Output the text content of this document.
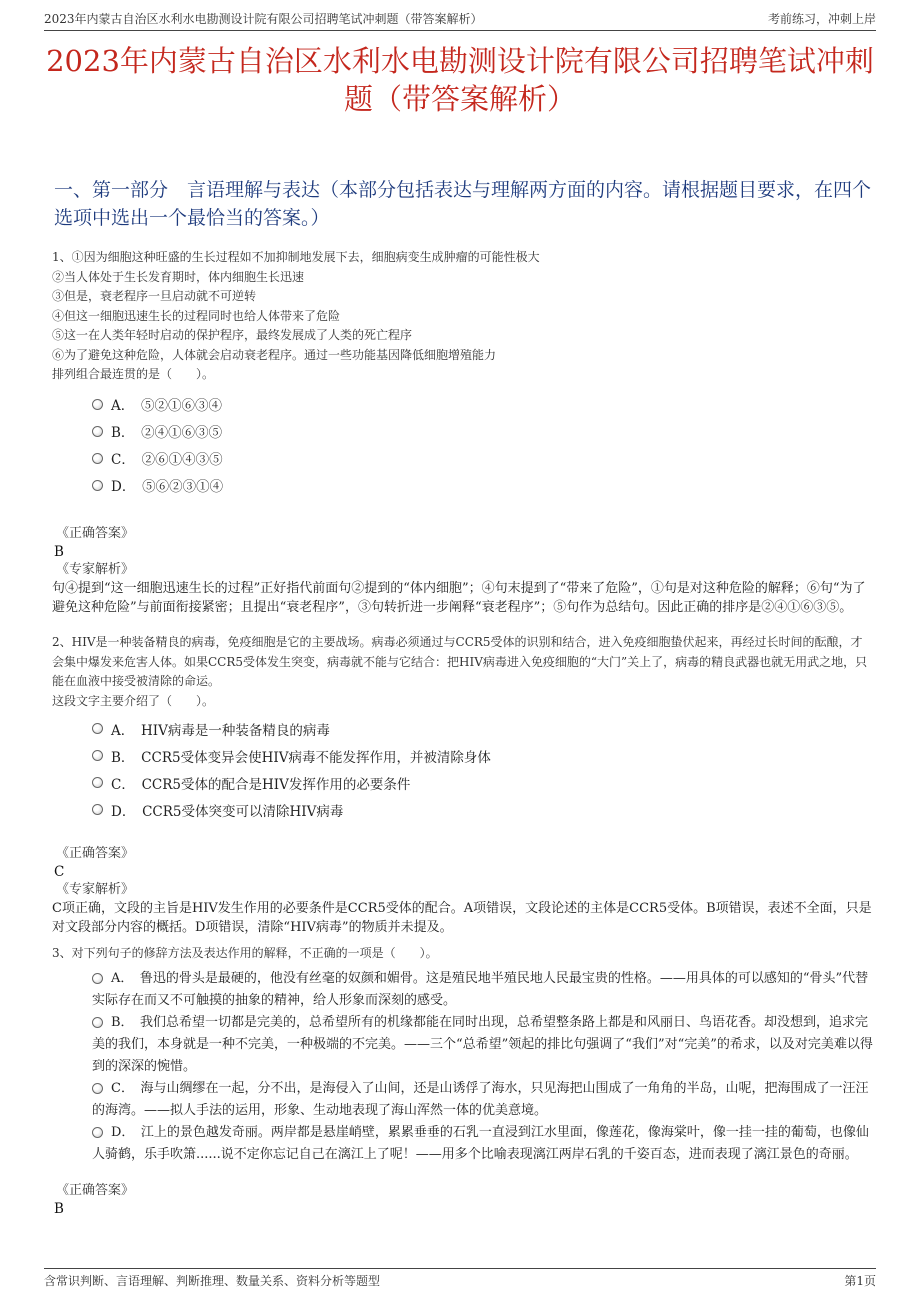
2023年内蒙古自治区水利水电勘测设计院有限公司招聘笔试冲刺题（带答案解析）	考前练习，冲刺上岸
2023年内蒙古自治区水利水电勘测设计院有限公司招聘笔试冲刺题（带答案解析）
一、第一部分　言语理解与表达（本部分包括表达与理解两方面的内容。请根据题目要求，在四个选项中选出一个最恰当的答案。）
1、①因为细胞这种旺盛的生长过程如不加抑制地发展下去，细胞病变生成肿瘤的可能性极大
②当人体处于生长发育期时，体内细胞生长迅速
③但是，衰老程序一旦启动就不可逆转
④但这一细胞迅速生长的过程同时也给人体带来了危险
⑤这一在人类年轻时启动的保护程序，最终发展成了人类的死亡程序
⑥为了避免这种危险，人体就会启动衰老程序。通过一些功能基因降低细胞增殖能力
排列组合最连贯的是（　　）。
A．　⑤②①⑥③④
B．　②④①⑥③⑤
C．　②⑥①④③⑤
D．　⑤⑥②③①④
《正确答案》
B
《专家解析》
句④提到“这一细胞迅速生长的过程”正好指代前面句②提到的“体内细胞”；④句末提到了“带来了危险”，①句是对这种危险的解释；⑥句“为了避免这种危险”与前面衔接紧密；且提出“衰老程序”，③句转折进一步阐释“衰老程序”；⑤句作为总结句。因此正确的排序是②④①⑥③⑤。
2、HIV是一种装备精良的病毒，免疫细胞是它的主要战场。病毒必须通过与CCR5受体的识别和结合，进入免疫细胞蛰伏起来，再经过长时间的酝酿，才会集中爆发来危害人体。如果CCR5受体发生突变，病毒就不能与它结合：把HIV病毒进入免疫细胞的“大门”关上了，病毒的精良武器也就无用武之地，只能在血液中接受被清除的命运。
这段文字主要介绍了（　　）。
A．　HIV病毒是一种装备精良的病毒
B．　CCR5受体变异会使HIV病毒不能发挥作用，并被清除身体
C．　CCR5受体的配合是HIV发挥作用的必要条件
D．　CCR5受体突变可以清除HIV病毒
《正确答案》
C
《专家解析》
C项正确，文段的主旨是HIV发生作用的必要条件是CCR5受体的配合。A项错误，文段论述的主体是CCR5受体。B项错误，表述不全面，只是对文段部分内容的概括。D项错误，清除“HIV病毒”的物质并未提及。
3、对下列句子的修辞方法及表达作用的解释，不正确的一项是（　　）。
A．　鲁迅的骨头是最硬的，他没有丝毫的奴颜和媚骨。这是殖民地半殖民地人民最宝贵的性格。——用具体的可以感知的“骨头”代替实际存在而又不可触摸的抽象的精神，给人形象而深刻的感受。
B．　我们总希望一切都是完美的，总希望所有的机缘都能在同时出现，总希望整条路上都是和风丽日、鸟语花香。却没想到，追求完美的我们，本身就是一种不完美，一种极端的不完美。——三个“总希望”领起的排比句强调了“我们”对“完美”的希求，以及对完美难以得到的深深的惋惜。
C．　海与山绸缪在一起，分不出，是海侵入了山间，还是山诱俘了海水，只见海把山围成了一角角的半岛，山呢，把海围成了一汪汪的海湾。——拟人手法的运用，形象、生动地表现了海山浑然一体的优美意境。
D．　江上的景色越发奇丽。两岸都是悬崖峭壁，累累垂垂的石乳一直浸到江水里面，像莲花，像海棠叶，像一挂一挂的葡萄，也像仙人骑鹤，乐手吹箫......说不定你忘记自己在漓江上了呢！——用多个比喻表现漓江两岸石乳的千姿百态，进而表现了漓江景色的奇丽。
《正确答案》
B
含常识判断、言语理解、判断推理、数量关系、资料分析等题型	第1页
